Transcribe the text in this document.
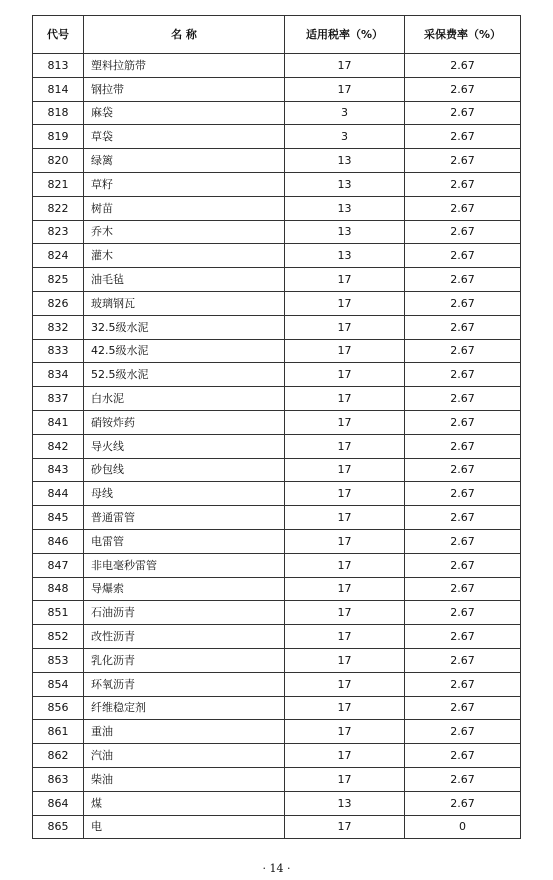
代号	名 称	适用税率（%）	采保费率（%）
813	塑料拉筋带	17	2.67
814	钢拉带	17	2.67
818	麻袋	3	2.67
819	草袋	3	2.67
820	绿篱	13	2.67
821	草籽	13	2.67
822	树苗	13	2.67
823	乔木	13	2.67
824	灌木	13	2.67
825	油毛毡	17	2.67
826	玻璃钢瓦	17	2.67
832	32.5级水泥	17	2.67
833	42.5级水泥	17	2.67
834	52.5级水泥	17	2.67
837	白水泥	17	2.67
841	硝铵炸药	17	2.67
842	导火线	17	2.67
843	砂包线	17	2.67
844	母线	17	2.67
845	普通雷管	17	2.67
846	电雷管	17	2.67
847	非电毫秒雷管	17	2.67
848	导爆索	17	2.67
851	石油沥青	17	2.67
852	改性沥青	17	2.67
853	乳化沥青	17	2.67
854	环氧沥青	17	2.67
856	纤维稳定剂	17	2.67
861	重油	17	2.67
862	汽油	17	2.67
863	柴油	17	2.67
864	煤	13	2.67
865	电	17	0
· 14 ·
